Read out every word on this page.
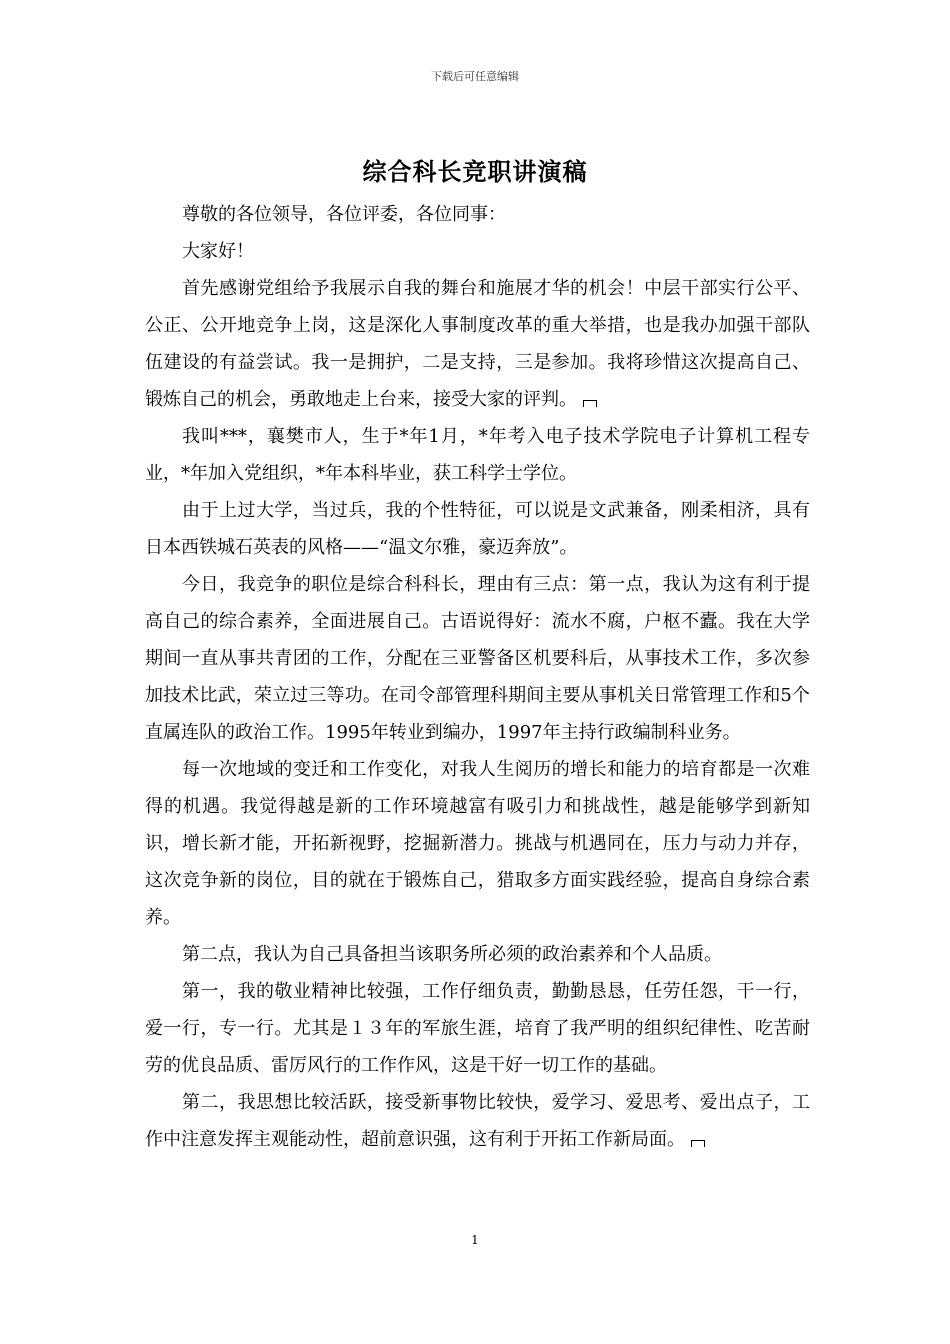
下载后可任意编辑
综合科长竞职讲演稿

尊敬的各位领导，各位评委，各位同事：

大家好！

首先感谢党组给予我展示自我的舞台和施展才华的机会！中层干部实行公平、公正、公开地竞争上岗，这是深化人事制度改革的重大举措，也是我办加强干部队伍建设的有益尝试。我一是拥护，二是支持，三是参加。我将珍惜这次提高自己、锻炼自己的机会，勇敢地走上台来，接受大家的评判。

我叫***，襄樊市人，生于*年1月，*年考入电子技术学院电子计算机工程专业，*年加入党组织，*年本科毕业，获工科学士学位。

由于上过大学，当过兵，我的个性特征，可以说是文武兼备，刚柔相济，具有日本西铁城石英表的风格——“温文尔雅，豪迈奔放”。

今日，我竞争的职位是综合科科长，理由有三点：第一点，我认为这有利于提高自己的综合素养，全面进展自己。古语说得好：流水不腐，户枢不蠹。我在大学期间一直从事共青团的工作，分配在三亚警备区机要科后，从事技术工作，多次参加技术比武，荣立过三等功。在司令部管理科期间主要从事机关日常管理工作和5个直属连队的政治工作。1995年转业到编办，1997年主持行政编制科业务。

每一次地域的变迁和工作变化，对我人生阅历的增长和能力的培育都是一次难得的机遇。我觉得越是新的工作环境越富有吸引力和挑战性，越是能够学到新知识，增长新才能，开拓新视野，挖掘新潜力。挑战与机遇同在，压力与动力并存，这次竞争新的岗位，目的就在于锻炼自己，猎取多方面实践经验，提高自身综合素养。

第二点，我认为自己具备担当该职务所必须的政治素养和个人品质。

第一，我的敬业精神比较强，工作仔细负责，勤勤恳恳，任劳任怨，干一行，爱一行，专一行。尤其是１３年的军旅生涯，培育了我严明的组织纪律性、吃苦耐劳的优良品质、雷厉风行的工作作风，这是干好一切工作的基础。

第二，我思想比较活跃，接受新事物比较快，爱学习、爱思考、爱出点子，工作中注意发挥主观能动性，超前意识强，这有利于开拓工作新局面。

1
